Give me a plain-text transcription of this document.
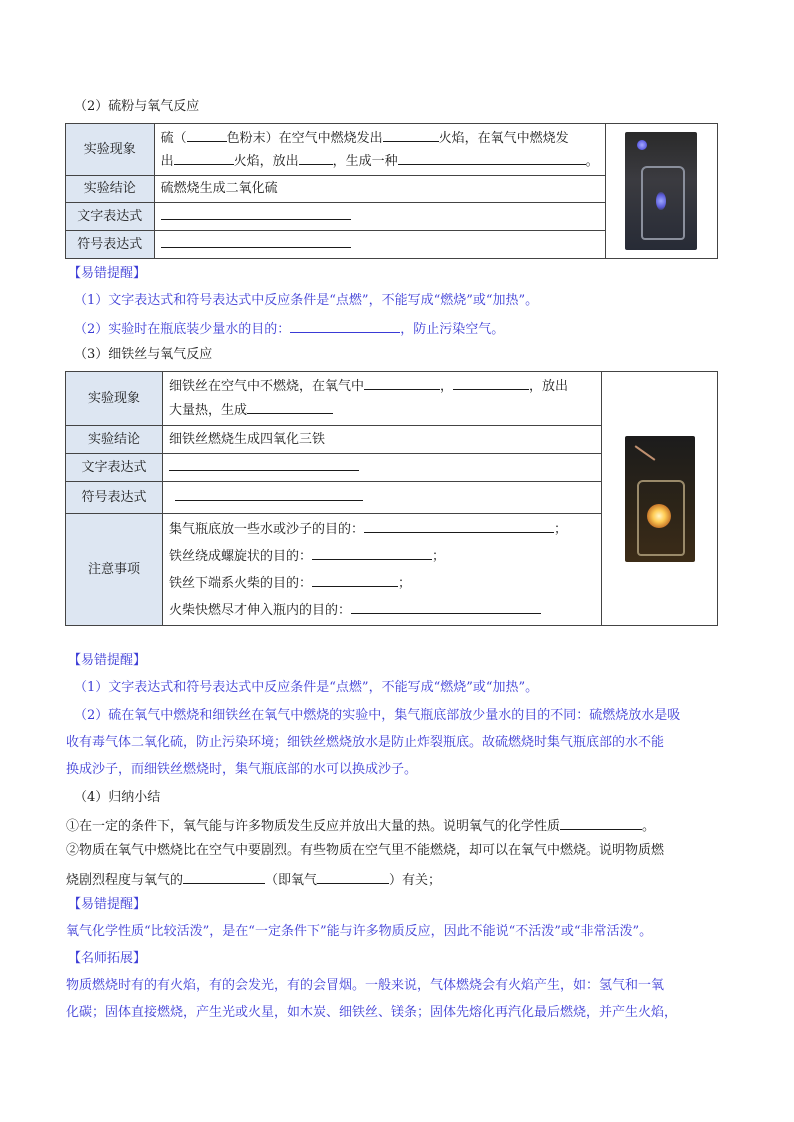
（2）硫粉与氧气反应
实验现象	硫（ 色粉末）在空气中燃烧发出 火焰，在氧气中燃烧发
出 火焰，放出 ，生成一种 。	

实验结论	硫燃烧生成二氧化硫	
文字表达式		
符号表达式		
【易错提醒】
（1）文字表达式和符号表达式中反应条件是“点燃”，不能写成“燃烧”或“加热”。
（2）实验时在瓶底装少量水的目的：	，防止污染空气。
（3）细铁丝与氧气反应
实验现象	细铁丝在空气中不燃烧，在氧气中 ， ，放出
大量热，生成	

实验结论	细铁丝燃烧生成四氧化三铁	
文字表达式		
符号表达式		
注意事项	集气瓶底放一些水或沙子的目的： ；
铁丝绕成螺旋状的目的： ；
铁丝下端系火柴的目的： ；
火柴快燃尽才伸入瓶内的目的：	
【易错提醒】
（1）文字表达式和符号表达式中反应条件是“点燃”，不能写成“燃烧”或“加热”。
（2）硫在氧气中燃烧和细铁丝在氧气中燃烧的实验中，集气瓶底部放少量水的目的不同：硫燃烧放水是吸
收有毒气体二氧化硫，防止污染环境；细铁丝燃烧放水是防止炸裂瓶底。故硫燃烧时集气瓶底部的水不能
换成沙子，而细铁丝燃烧时，集气瓶底部的水可以换成沙子。
（4）归纳小结
①在一定的条件下，氧气能与许多物质发生反应并放出大量的热。说明氧气的化学性质	。
②物质在氧气中燃烧比在空气中要剧烈。有些物质在空气里不能燃烧，却可以在氧气中燃烧。说明物质燃
烧剧烈程度与氧气的	（即氧气	）有关；
【易错提醒】
氧气化学性质“比较活泼”，是在“一定条件下”能与许多物质反应，因此不能说“不活泼”或“非常活泼”。
【名师拓展】
物质燃烧时有的有火焰，有的会发光，有的会冒烟。一般来说，气体燃烧会有火焰产生，如：氢气和一氧
化碳；固体直接燃烧，产生光或火星，如木炭、细铁丝、镁条；固体先熔化再汽化最后燃烧，并产生火焰，
